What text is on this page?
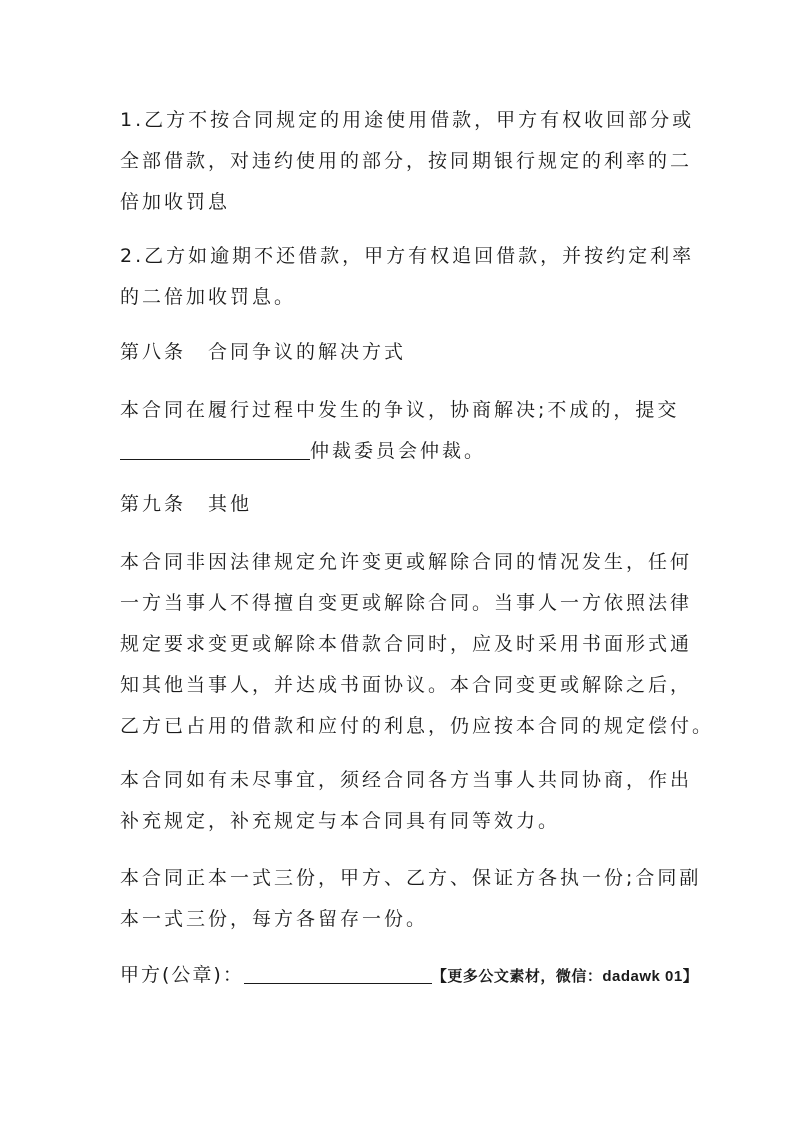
1.乙方不按合同规定的用途使用借款，甲方有权收回部分或
全部借款，对违约使用的部分，按同期银行规定的利率的二
倍加收罚息
2.乙方如逾期不还借款，甲方有权追回借款，并按约定利率
的二倍加收罚息。
第八条　合同争议的解决方式
本合同在履行过程中发生的争议，协商解决;不成的，提交
仲裁委员会仲裁。
第九条　其他
本合同非因法律规定允许变更或解除合同的情况发生，任何
一方当事人不得擅自变更或解除合同。当事人一方依照法律
规定要求变更或解除本借款合同时，应及时采用书面形式通
知其他当事人，并达成书面协议。本合同变更或解除之后，
乙方已占用的借款和应付的利息，仍应按本合同的规定偿付。
本合同如有未尽事宜，须经合同各方当事人共同协商，作出
补充规定，补充规定与本合同具有同等效力。
本合同正本一式三份，甲方、乙方、保证方各执一份;合同副
本一式三份，每方各留存一份。
甲方(公章)：	【更多公文素材，微信：dadawk 01】
